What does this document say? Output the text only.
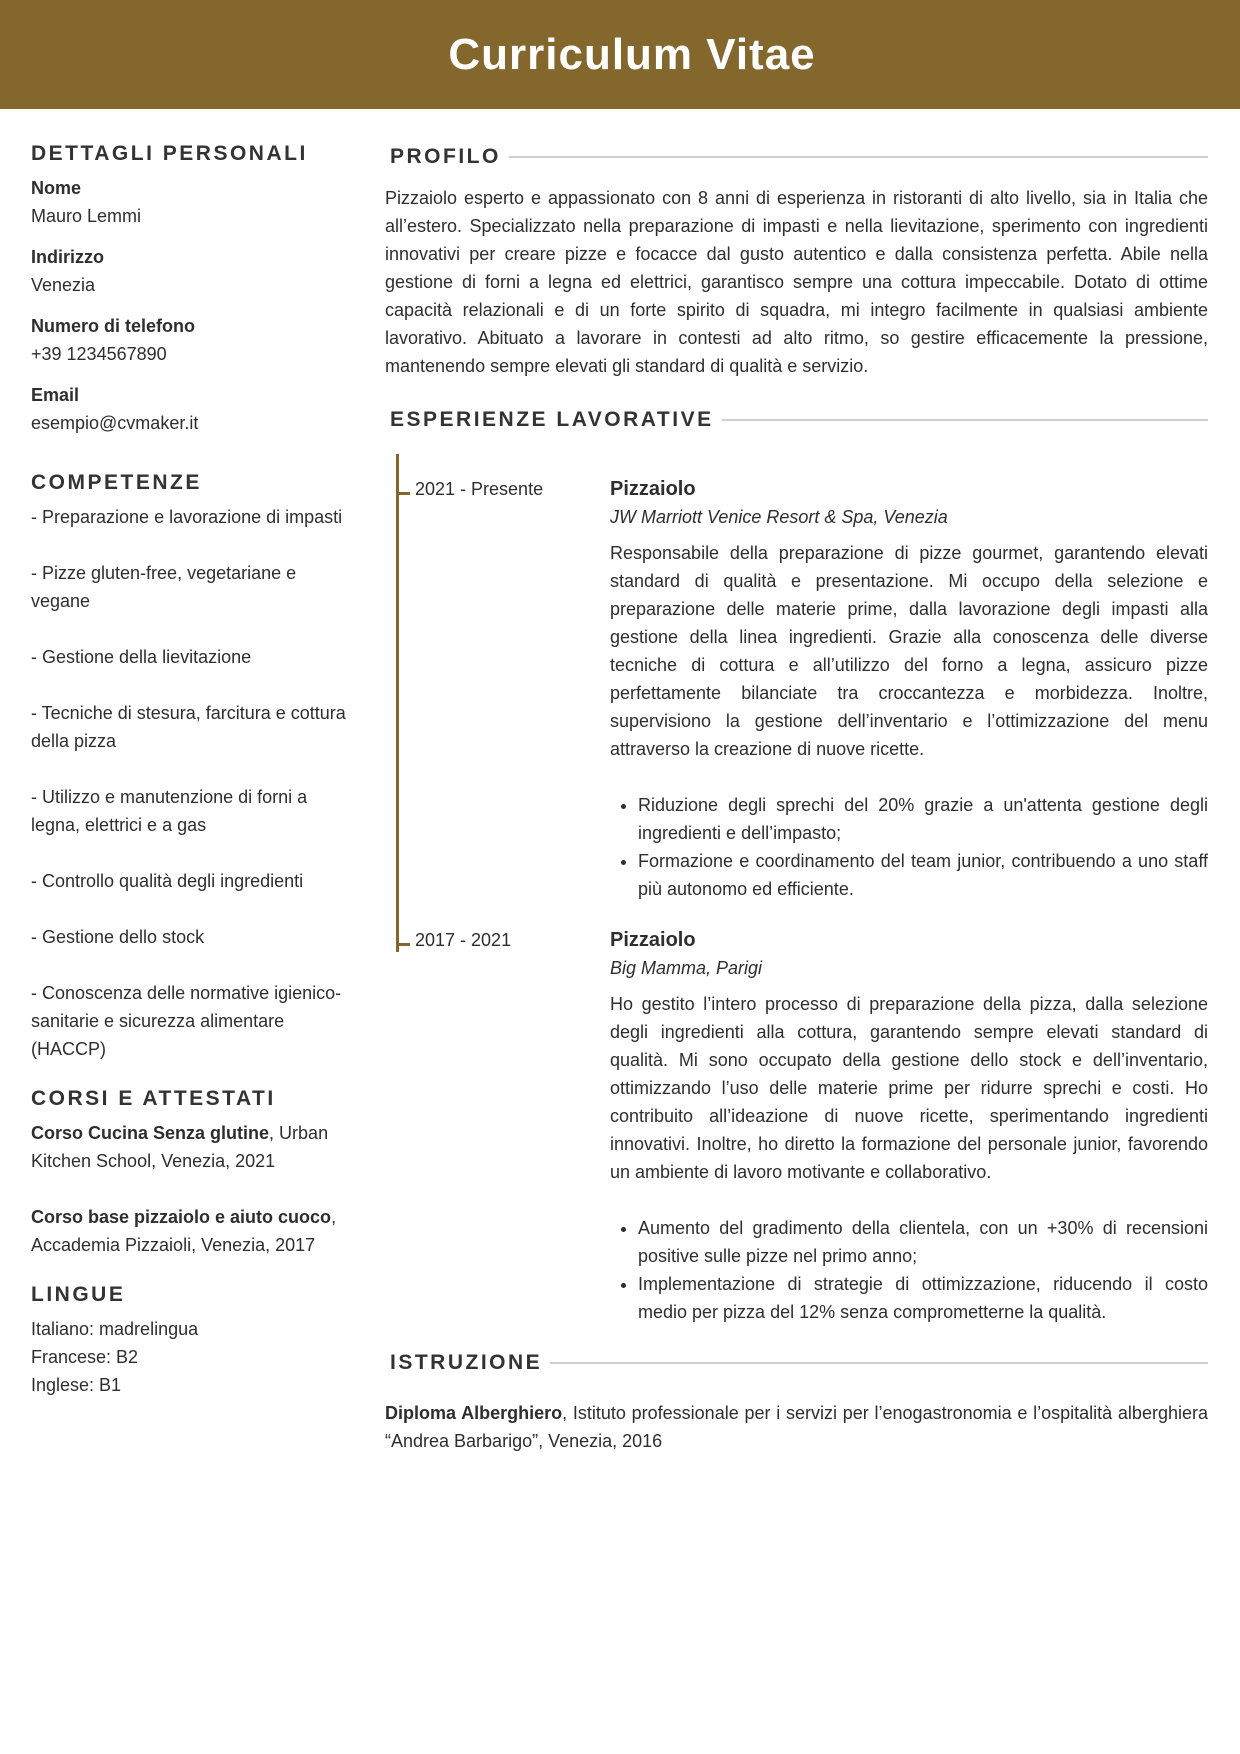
Curriculum Vitae
DETTAGLI PERSONALI
Nome
Mauro Lemmi
Indirizzo
Venezia
Numero di telefono
+39 1234567890
Email
esempio@cvmaker.it
COMPETENZE
- Preparazione e lavorazione di impasti
- Pizze gluten-free, vegetariane e vegane
- Gestione della lievitazione
- Tecniche di stesura, farcitura e cottura della pizza
- Utilizzo e manutenzione di forni a legna, elettrici e a gas
- Controllo qualità degli ingredienti
- Gestione dello stock
- Conoscenza delle normative igienico-sanitarie e sicurezza alimentare (HACCP)
CORSI E ATTESTATI
Corso Cucina Senza glutine, Urban Kitchen School, Venezia, 2021
Corso base pizzaiolo e aiuto cuoco, Accademia Pizzaioli, Venezia, 2017
LINGUE
Italiano: madrelingua
Francese: B2
Inglese: B1
PROFILO

Pizzaiolo esperto e appassionato con 8 anni di esperienza in ristoranti di alto livello, sia in Italia che all’estero. Specializzato nella preparazione di impasti e nella lievitazione, sperimento con ingredienti innovativi per creare pizze e focacce dal gusto autentico e dalla consistenza perfetta. Abile nella gestione di forni a legna ed elettrici, garantisco sempre una cottura impeccabile. Dotato di ottime capacità relazionali e di un forte spirito di squadra, mi integro facilmente in qualsiasi ambiente lavorativo. Abituato a lavorare in contesti ad alto ritmo, so gestire efficacemente la pressione, mantenendo sempre elevati gli standard di qualità e servizio.

ESPERIENZE LAVORATIVE
2021 - Presente	Pizzaiolo
JW Marriott Venice Resort & Spa, Venezia

Responsabile della preparazione di pizze gourmet, garantendo elevati standard di qualità e presentazione. Mi occupo della selezione e preparazione delle materie prime, dalla lavorazione degli impasti alla gestione della linea ingredienti. Grazie alla conoscenza delle diverse tecniche di cottura e all’utilizzo del forno a legna, assicuro pizze perfettamente bilanciate tra croccantezza e morbidezza. Inoltre, supervisiono la gestione dell’inventario e l’ottimizzazione del menu attraverso la creazione di nuove ricette.

• Riduzione degli sprechi del 20% grazie a un'attenta gestione degli ingredienti e dell’impasto;
• Formazione e coordinamento del team junior, contribuendo a uno staff più autonomo ed efficiente.
2017 - 2021	Pizzaiolo
Big Mamma, Parigi

Ho gestito l’intero processo di preparazione della pizza, dalla selezione degli ingredienti alla cottura, garantendo sempre elevati standard di qualità. Mi sono occupato della gestione dello stock e dell’inventario, ottimizzando l’uso delle materie prime per ridurre sprechi e costi. Ho contribuito all’ideazione di nuove ricette, sperimentando ingredienti innovativi. Inoltre, ho diretto la formazione del personale junior, favorendo un ambiente di lavoro motivante e collaborativo.

• Aumento del gradimento della clientela, con un +30% di recensioni positive sulle pizze nel primo anno;
• Implementazione di strategie di ottimizzazione, riducendo il costo medio per pizza del 12% senza comprometterne la qualità.
ISTRUZIONE

Diploma Alberghiero, Istituto professionale per i servizi per l’enogastronomia e l’ospitalità alberghiera “Andrea Barbarigo”, Venezia, 2016
